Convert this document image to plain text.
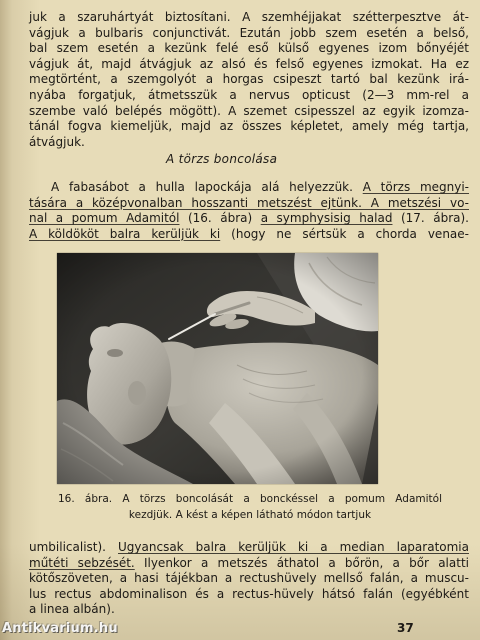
juk a szaruhártyát biztosítani. A szemhéjjakat szétterpesztve át-
vágjuk a bulbaris conjunctivát. Ezután jobb szem esetén a belső,
bal szem esetén a kezünk felé eső külső egyenes izom bőnyéjét
vágjuk át, majd átvágjuk az alsó és felső egyenes izmokat. Ha ez
megtörtént, a szemgolyót a horgas csipeszt tartó bal kezünk irá-
nyába forgatjuk, átmetsszük a nervus opticust (2—3 mm-rel a
szembe való belépés mögött). A szemet csipesszel az egyik izomza-
tánál fogva kiemeljük, majd az összes képletet, amely még tartja,
átvágjuk.
A törzs boncolása
A fabasábot a hulla lapockája alá helyezzük. A törzs megnyi-
tására a középvonalban hosszanti metszést ejtünk. A metszési vo-
nal a pomum Adamitól (16. ábra) a symphysisig halad (17. ábra).
A köldököt balra kerüljük ki (hogy ne sértsük a chorda venae-
16. ábra. A törzs boncolását a bonckéssel a pomum Adamitól
kezdjük. A kést a képen látható módon tartjuk
umbilicalist). Ugyancsak balra kerüljük ki a median laparatomia
műtéti sebzését. Ilyenkor a metszés áthatol a bőrön, a bőr alatti
kötőszöveten, a hasi tájékban a rectushüvely mellső falán, a muscu-
lus rectus abdominalison és a rectus-hüvely hátsó falán (egyébként
a linea albán).
37
Antikvarium.hu
